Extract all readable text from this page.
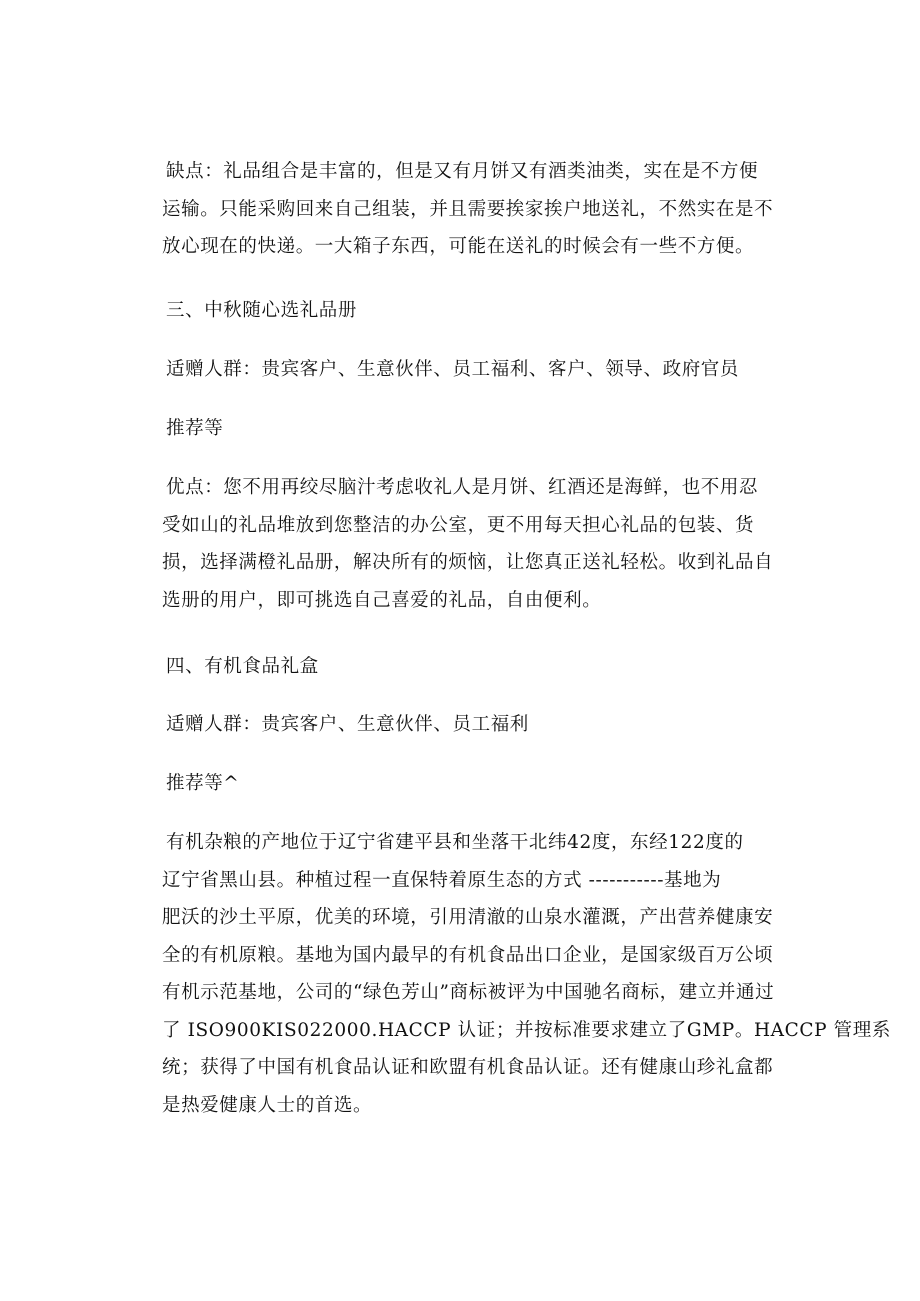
缺点：礼品组合是丰富的，但是又有月饼又有酒类油类，实在是不方便
运输。只能采购回来自己组装，并且需要挨家挨户地送礼，不然实在是不
放心现在的快递。一大箱子东西，可能在送礼的时候会有一些不方便。
三、中秋随心选礼品册
适赠人群：贵宾客户、生意伙伴、员工福利、客户、领导、政府官员
推荐等
优点：您不用再绞尽脑汁考虑收礼人是月饼、红酒还是海鲜，也不用忍
受如山的礼品堆放到您整洁的办公室，更不用每天担心礼品的包装、货
损，选择满橙礼品册，解决所有的烦恼，让您真正送礼轻松。收到礼品自
选册的用户，即可挑选自己喜爱的礼品，自由便利。
四、有机食品礼盒
适赠人群：贵宾客户、生意伙伴、员工福利
推荐等^
有机杂粮的产地位于辽宁省建平县和坐落干北纬42度，东经122度的
辽宁省黑山县。种植过程一直保特着原生态的方式 -----------基地为
肥沃的沙土平原，优美的环境，引用清澈的山泉水灌溉，产出营养健康安
全的有机原粮。基地为国内最早的有机食品出口企业，是国家级百万公顷
有机示范基地，公司的“绿色芳山”商标被评为中国驰名商标，建立并通过
了 ISO900KIS022000.HACCP 认证；并按标准要求建立了GMP。HACCP 管理系
统；获得了中国有机食品认证和欧盟有机食品认证。还有健康山珍礼盒都
是热爱健康人士的首选。
